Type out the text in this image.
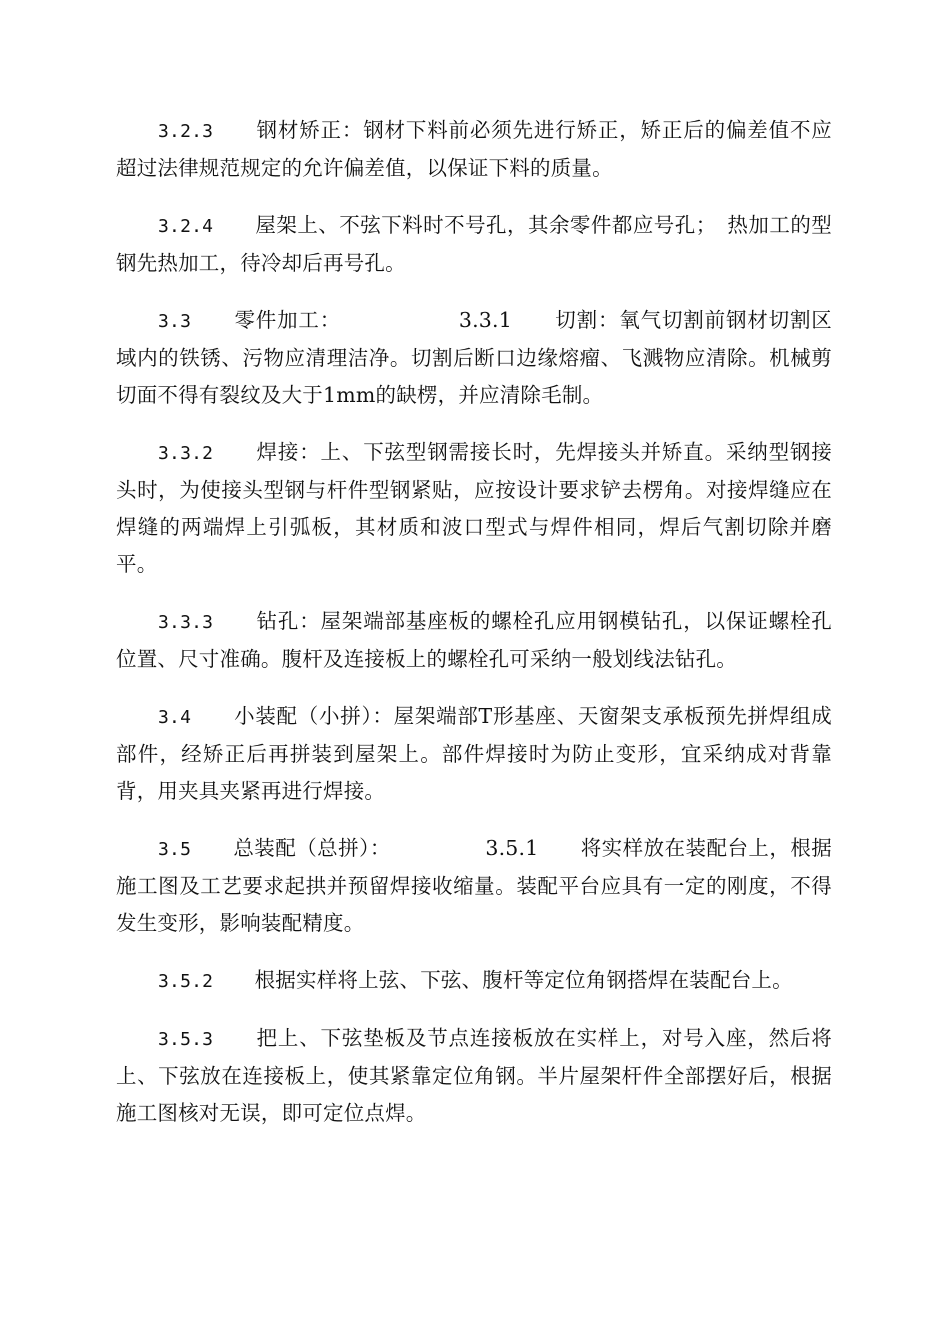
3.2.3　　 钢材矫正：钢材下料前必须先进行矫正，矫正后的偏差值不应超过法律规范规定的允许偏差值，以保证下料的质量。

3.2.4　　 屋架上、不弦下料时不号孔，其余零件都应号孔；　热加工的型钢先热加工，待冷却后再号孔。

3.3　　 零件加工：　　　　　　3.3.1　　切割：氧气切割前钢材切割区域内的铁锈、污物应清理洁净。切割后断口边缘熔瘤、飞溅物应清除。机械剪切面不得有裂纹及大于1mm的缺楞，并应清除毛制。

3.3.2　　 焊接：上、下弦型钢需接长时，先焊接头并矫直。采纳型钢接头时，为使接头型钢与杆件型钢紧贴，应按设计要求铲去楞角。对接焊缝应在焊缝的两端焊上引弧板，其材质和波口型式与焊件相同，焊后气割切除并磨平。

3.3.3　　 钻孔：屋架端部基座板的螺栓孔应用钢模钻孔，以保证螺栓孔位置、尺寸准确。腹杆及连接板上的螺栓孔可采纳一般划线法钻孔。

3.4　　 小装配（小拼）：屋架端部T形基座、天窗架支承板预先拼焊组成部件，经矫正后再拼装到屋架上。部件焊接时为防止变形，宜采纳成对背靠背，用夹具夹紧再进行焊接。

3.5　　 总装配（总拼）：　　　　　3.5.1　　将实样放在装配台上，根据施工图及工艺要求起拱并预留焊接收缩量。装配平台应具有一定的刚度，不得发生变形，影响装配精度。

3.5.2　　 根据实样将上弦、下弦、腹杆等定位角钢搭焊在装配台上。

3.5.3　　 把上、下弦垫板及节点连接板放在实样上，对号入座，然后将上、下弦放在连接板上，使其紧靠定位角钢。半片屋架杆件全部摆好后，根据施工图核对无误，即可定位点焊。
